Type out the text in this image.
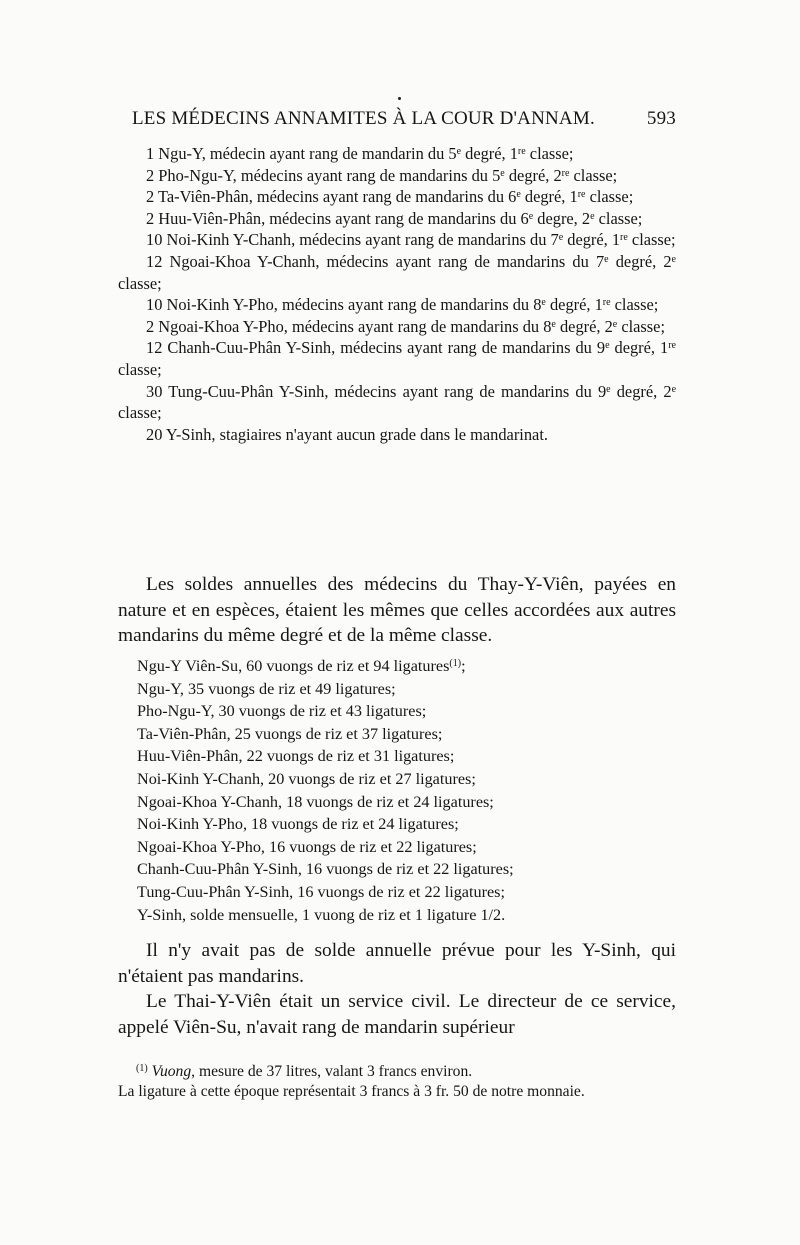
LES MÉDECINS ANNAMITES À LA COUR D'ANNAM.	593

1 Ngu-Y, médecin ayant rang de mandarin du 5e degré, 1re classe;

2 Pho-Ngu-Y, médecins ayant rang de mandarins du 5e degré, 2re classe;

2 Ta-Viên-Phân, médecins ayant rang de mandarins du 6e degré, 1re classe;

2 Huu-Viên-Phân, médecins ayant rang de mandarins du 6e degre, 2e classe;

10 Noi-Kinh Y-Chanh, médecins ayant rang de mandarins du 7e degré, 1re classe;

12 Ngoai-Khoa Y-Chanh, médecins ayant rang de mandarins du 7e degré, 2e classe;

10 Noi-Kinh Y-Pho, médecins ayant rang de mandarins du 8e degré, 1re classe;

2 Ngoai-Khoa Y-Pho, médecins ayant rang de mandarins du 8e degré, 2e classe;

12 Chanh-Cuu-Phân Y-Sinh, médecins ayant rang de mandarins du 9e degré, 1re classe;

30 Tung-Cuu-Phân Y-Sinh, médecins ayant rang de mandarins du 9e degré, 2e classe;

20 Y-Sinh, stagiaires n'ayant aucun grade dans le mandarinat.

Les soldes annuelles des médecins du Thay-Y-Viên, payées en nature et en espèces, étaient les mêmes que celles accordées aux autres mandarins du même degré et de la même classe.

Ngu-Y Viên-Su, 60 vuongs de riz et 94 ligatures$^{(1)}$;

Ngu-Y, 35 vuongs de riz et 49 ligatures;

Pho-Ngu-Y, 30 vuongs de riz et 43 ligatures;

Ta-Viên-Phân, 25 vuongs de riz et 37 ligatures;

Huu-Viên-Phân, 22 vuongs de riz et 31 ligatures;

Noi-Kinh Y-Chanh, 20 vuongs de riz et 27 ligatures;

Ngoai-Khoa Y-Chanh, 18 vuongs de riz et 24 ligatures;

Noi-Kinh Y-Pho, 18 vuongs de riz et 24 ligatures;

Ngoai-Khoa Y-Pho, 16 vuongs de riz et 22 ligatures;

Chanh-Cuu-Phân Y-Sinh, 16 vuongs de riz et 22 ligatures;

Tung-Cuu-Phân Y-Sinh, 16 vuongs de riz et 22 ligatures;

Y-Sinh, solde mensuelle, 1 vuong de riz et 1 ligature 1/2.

Il n'y avait pas de solde annuelle prévue pour les Y-Sinh, qui n'étaient pas mandarins.

Le Thai-Y-Viên était un service civil. Le directeur de ce service, appelé Viên-Su, n'avait rang de mandarin supérieur

$^{(1)}$ Vuong, mesure de 37 litres, valant 3 francs environ.

La ligature à cette époque représentait 3 francs à 3 fr. 50 de notre monnaie.
